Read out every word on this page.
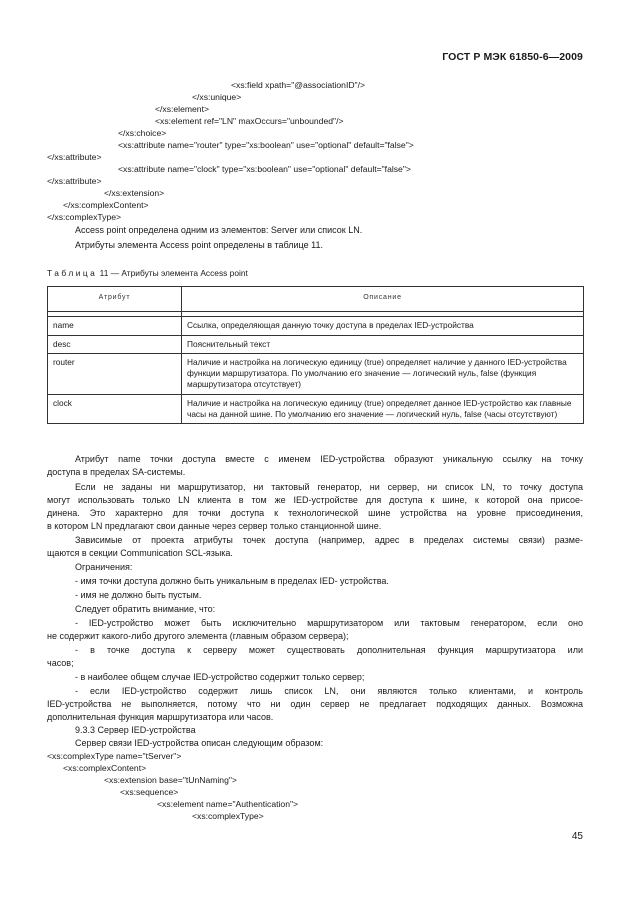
ГОСТ Р МЭК 61850-6—2009
<xs:field xpath="@associationID"/>
</xs:unique>
</xs:element>
<xs:element ref="LN" maxOccurs="unbounded"/>
</xs:choice>
<xs:attribute name="router" type="xs:boolean" use="optional" default="false">
</xs:attribute>
<xs:attribute name="clock" type="xs:boolean" use="optional" default="false">
</xs:attribute>
</xs:extension>
</xs:complexContent>
</xs:complexType>
Access point определена одним из элементов: Server или список LN.
Атрибуты элемента Access point определены в таблице 11.
Таблица 11 — Атрибуты элемента Access point
Атрибут	Описание

name	Ссылка, определяющая данную точку доступа в пределах IED-устройства
desc	Пояснительный текст
router	Наличие и настройка на логическую единицу (true) определяет наличие у данного IED-устройства функции маршрутизатора. По умолчанию его значение — логический нуль, false (функция маршрутизатора отсутствует)
clock	Наличие и настройка на логическую единицу (true) определяет данное IED-устройство как главные часы на данной шине. По умолчанию его значение — логический нуль, false (часы отсутствуют)
Атрибут name точки доступа вместе с именем IED-устройства образуют уникальную ссылку на точку
доступа в пределах SA-системы.
Если не заданы ни маршрутизатор, ни тактовый генератор, ни сервер, ни список LN, то точку доступа
могут использовать только LN клиента в том же IED-устройстве для доступа к шине, к которой она присое-
динена. Это характерно для точки доступа к технологической шине устройства на уровне присоединения,
в котором LN предлагают свои данные через сервер только станционной шине.
Зависимые от проекта атрибуты точек доступа (например, адрес в пределах системы связи) разме-
щаются в секции Communication SCL-языка.
Ограничения:
- имя точки доступа должно быть уникальным в пределах IED- устройства.
- имя не должно быть пустым.
Следует обратить внимание, что:
- IED-устройство может быть исключительно маршрутизатором или тактовым генератором, если оно
не содержит какого-либо другого элемента (главным образом сервера);
- в точке доступа к серверу может существовать дополнительная функция маршрутизатора или
часов;
- в наиболее общем случае IED-устройство содержит только сервер;
- если IED-устройство содержит лишь список LN, они являются только клиентами, и контроль
IED-устройства не выполняется, потому что ни один сервер не предлагает подходящих данных. Возможна
дополнительная функция маршрутизатора или часов.
9.3.3 Сервер IED-устройства
Сервер связи IED-устройства описан следующим образом:
<xs:complexType name="tServer">
<xs:complexContent>
<xs:extension base="tUnNaming">
<xs:sequence>
<xs:element name="Authentication">
<xs:complexType>
45
